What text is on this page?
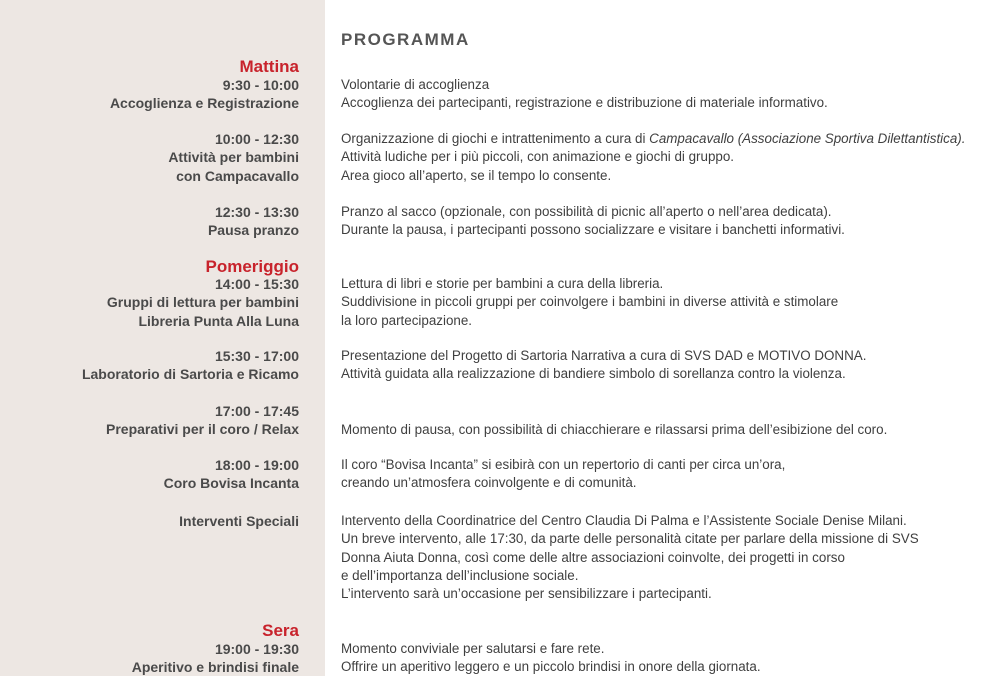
PROGRAMMA
Mattina
Pomeriggio
Sera
9:30 - 10:00
Accoglienza e Registrazione
Volontarie di accoglienza
Accoglienza dei partecipanti, registrazione e distribuzione di materiale informativo.
10:00 - 12:30
Attività per bambini
con Campacavallo
Organizzazione di giochi e intrattenimento a cura di Campacavallo (Associazione Sportiva Dilettantistica).
Attività ludiche per i più piccoli, con animazione e giochi di gruppo.
Area gioco all’aperto, se il tempo lo consente.
12:30 - 13:30
Pausa pranzo
Pranzo al sacco (opzionale, con possibilità di picnic all’aperto o nell’area dedicata).
Durante la pausa, i partecipanti possono socializzare e visitare i banchetti informativi.
14:00 - 15:30
Gruppi di lettura per bambini
Libreria Punta Alla Luna
Lettura di libri e storie per bambini a cura della libreria.
Suddivisione in piccoli gruppi per coinvolgere i bambini in diverse attività e stimolare
la loro partecipazione.
15:30 - 17:00
Laboratorio di Sartoria e Ricamo
Presentazione del Progetto di Sartoria Narrativa a cura di SVS DAD e MOTIVO DONNA.
Attività guidata alla realizzazione di bandiere simbolo di sorellanza contro la violenza.
17:00 - 17:45
Preparativi per il coro / Relax	Momento di pausa, con possibilità di chiacchierare e rilassarsi prima dell’esibizione del coro.
18:00 - 19:00
Coro Bovisa Incanta
Il coro “Bovisa Incanta” si esibirà con un repertorio di canti per circa un’ora,
creando un’atmosfera coinvolgente e di comunità.
Interventi Speciali	Intervento della Coordinatrice del Centro Claudia Di Palma e l’Assistente Sociale Denise Milani.
Un breve intervento, alle 17:30, da parte delle personalità citate per parlare della missione di SVS
Donna Aiuta Donna, così come delle altre associazioni coinvolte, dei progetti in corso
e dell’importanza dell’inclusione sociale.
L’intervento sarà un’occasione per sensibilizzare i partecipanti.
19:00 - 19:30
Aperitivo e brindisi finale
Momento conviviale per salutarsi e fare rete.
Offrire un aperitivo leggero e un piccolo brindisi in onore della giornata.
